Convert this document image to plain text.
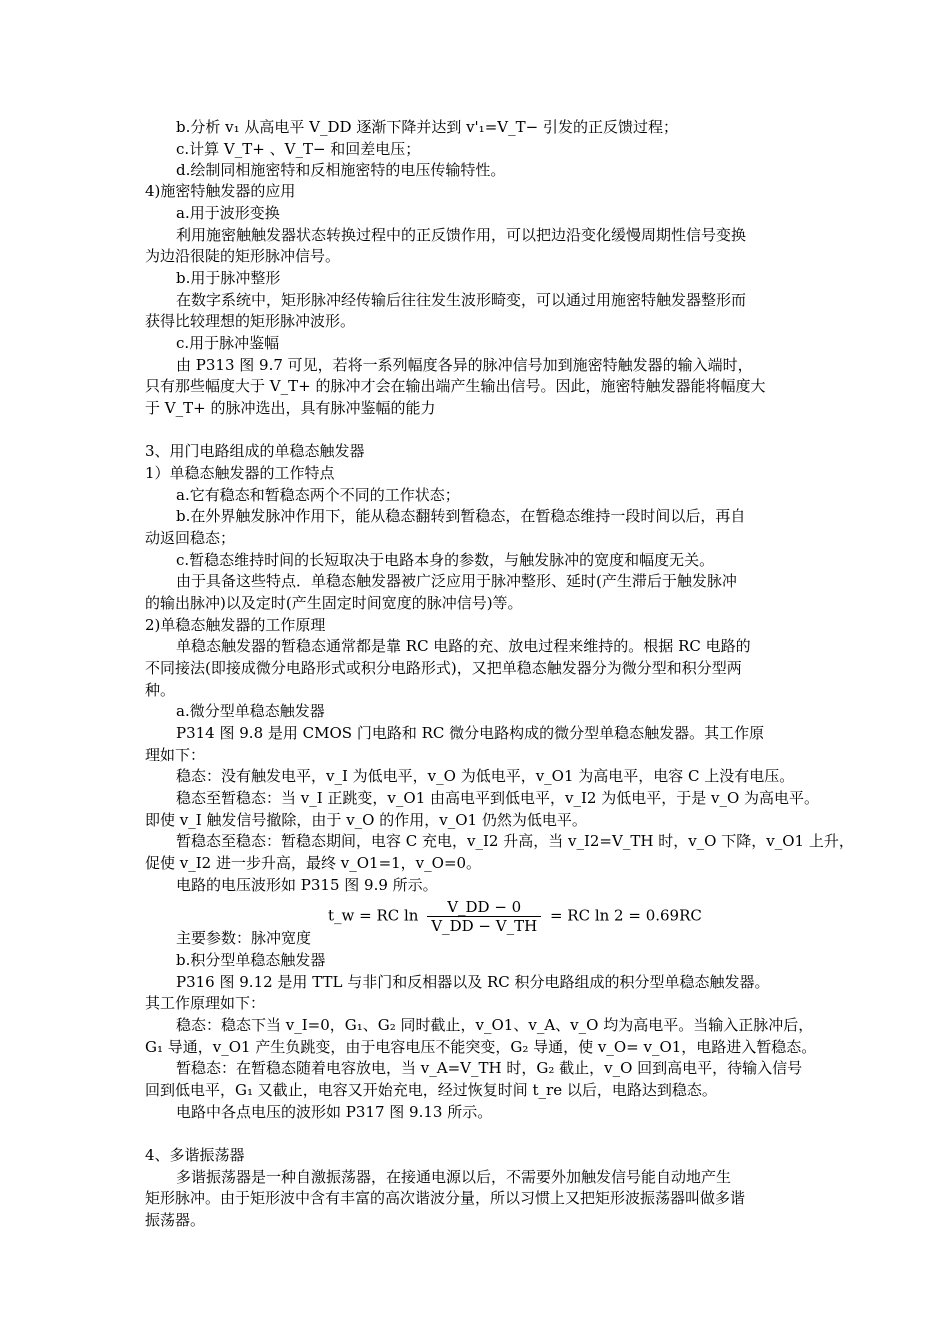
b.分析 v₁ 从高电平 V_DD 逐渐下降并达到 v'₁=V_T− 引发的正反馈过程；
c.计算 V_T+ 、V_T− 和回差电压；
d.绘制同相施密特和反相施密特的电压传输特性。
4)施密特触发器的应用
a.用于波形变换
利用施密触触发器状态转换过程中的正反馈作用，可以把边沿变化缓慢周期性信号变换
为边沿很陡的矩形脉冲信号。
b.用于脉冲整形
在数字系统中，矩形脉冲经传输后往往发生波形畸变，可以通过用施密特触发器整形而
获得比较理想的矩形脉冲波形。
c.用于脉冲鉴幅
由 P313 图 9.7 可见，若将一系列幅度各异的脉冲信号加到施密特触发器的输入端时，
只有那些幅度大于 V_T+ 的脉冲才会在输出端产生输出信号。因此，施密特触发器能将幅度大
于 V_T+ 的脉冲选出，具有脉冲鉴幅的能力
3、用门电路组成的单稳态触发器
1）单稳态触发器的工作特点
a.它有稳态和暂稳态两个不同的工作状态；
b.在外界触发脉冲作用下，能从稳态翻转到暂稳态，在暂稳态维持一段时间以后，再自
动返回稳态；
c.暂稳态维持时间的长短取决于电路本身的参数，与触发脉冲的宽度和幅度无关。
由于具备这些特点．单稳态触发器被广泛应用于脉冲整形、延时(产生滞后于触发脉冲
的输出脉冲)以及定时(产生固定时间宽度的脉冲信号)等。
2)单稳态触发器的工作原理
单稳态触发器的暂稳态通常都是靠 RC 电路的充、放电过程来维持的。根据 RC 电路的
不同接法(即接成微分电路形式或积分电路形式)，又把单稳态触发器分为微分型和积分型两
种。
a.微分型单稳态触发器
P314 图 9.8 是用 CMOS 门电路和 RC 微分电路构成的微分型单稳态触发器。其工作原
理如下：
稳态：没有触发电平，v_I 为低电平，v_O 为低电平，v_O1 为高电平，电容 C 上没有电压。
稳态至暂稳态：当 v_I 正跳变，v_O1 由高电平到低电平，v_I2 为低电平，于是 v_O 为高电平。
即使 v_I 触发信号撤除，由于 v_O 的作用，v_O1 仍然为低电平。
暂稳态至稳态：暂稳态期间，电容 C 充电，v_I2 升高，当 v_I2=V_TH 时，v_O 下降，v_O1 上升，
促使 v_I2 进一步升高，最终 v_O1=1，v_O=0。
电路的电压波形如 P315 图 9.9 所示。
t_w = RC $\ln \frac{V\_DD - 0}{V\_DD - V\_TH}$ = RC ln 2 = 0.69RC
主要参数：脉冲宽度
b.积分型单稳态触发器
P316 图 9.12 是用 TTL 与非门和反相器以及 RC 积分电路组成的积分型单稳态触发器。
其工作原理如下：
稳态：稳态下当 v_I=0，G₁、G₂ 同时截止，v_O1、v_A、v_O 均为高电平。当输入正脉冲后，
G₁ 导通，v_O1 产生负跳变，由于电容电压不能突变，G₂ 导通，使 v_O= v_O1，电路进入暂稳态。
暂稳态：在暂稳态随着电容放电，当 v_A=V_TH 时，G₂ 截止，v_O 回到高电平，待输入信号
回到低电平，G₁ 又截止，电容又开始充电，经过恢复时间 t_re 以后，电路达到稳态。
电路中各点电压的波形如 P317 图 9.13 所示。
4、多谐振荡器
多谐振荡器是一种自激振荡器，在接通电源以后，不需要外加触发信号能自动地产生
矩形脉冲。由于矩形波中含有丰富的高次谐波分量，所以习惯上又把矩形波振荡器叫做多谐
振荡器。
